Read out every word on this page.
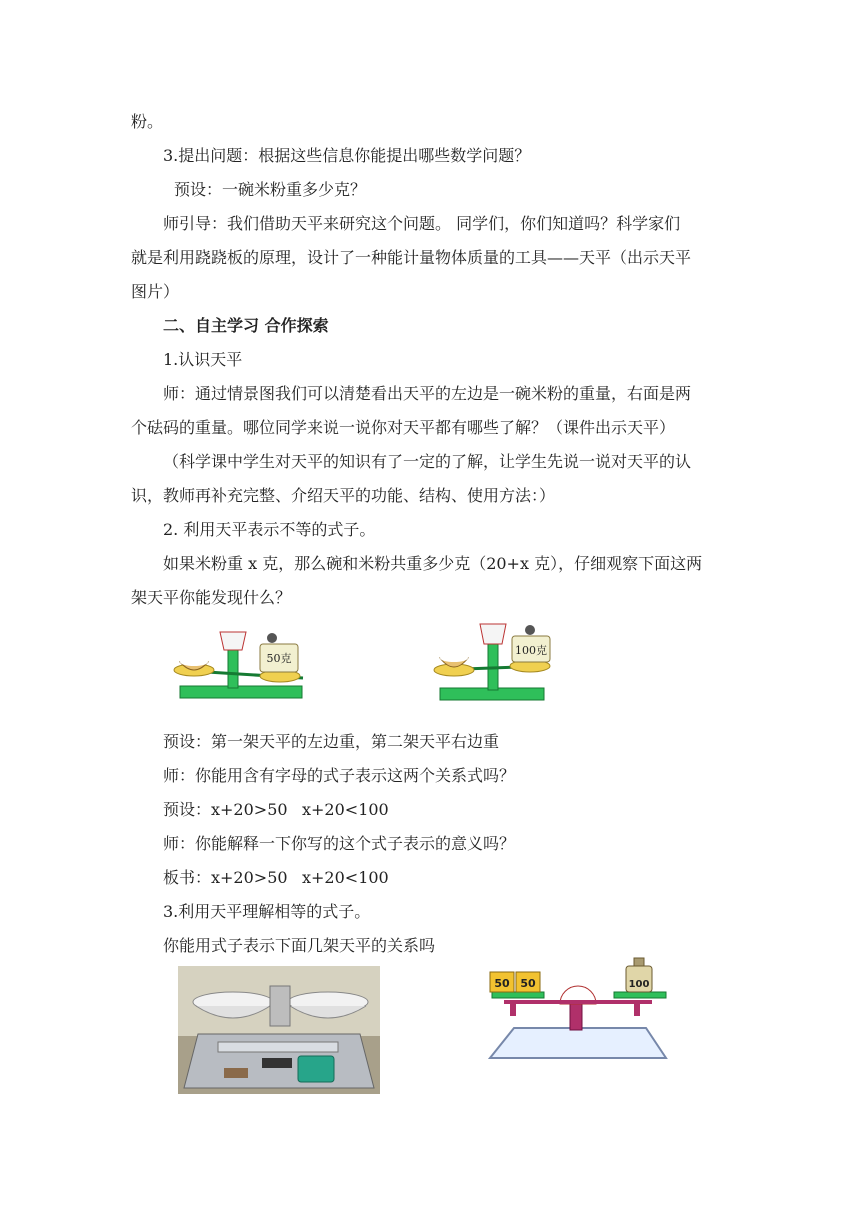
粉。
3.提出问题：根据这些信息你能提出哪些数学问题？
预设：一碗米粉重多少克？
师引导：我们借助天平来研究这个问题。 同学们，你们知道吗？科学家们
就是利用跷跷板的原理，设计了一种能计量物体质量的工具——天平（出示天平
图片）
二、自主学习 合作探索
1.认识天平
师：通过情景图我们可以清楚看出天平的左边是一碗米粉的重量，右面是两
个砝码的重量。哪位同学来说一说你对天平都有哪些了解？（课件出示天平）
（科学课中学生对天平的知识有了一定的了解，让学生先说一说对天平的认
识，教师再补充完整、介绍天平的功能、结构、使用方法：）
2. 利用天平表示不等的式子。
如果米粉重 x 克，那么碗和米粉共重多少克（20+x 克），仔细观察下面这两
架天平你能发现什么？
50克
100克
预设：第一架天平的左边重，第二架天平右边重
师：你能用含有字母的式子表示这两个关系式吗？
预设：x+20>50 x+20<100
师：你能解释一下你写的这个式子表示的意义吗？
板书：x+20>50 x+20<100
3.利用天平理解相等的式子。
你能用式子表示下面几架天平的关系吗
50 50	100
